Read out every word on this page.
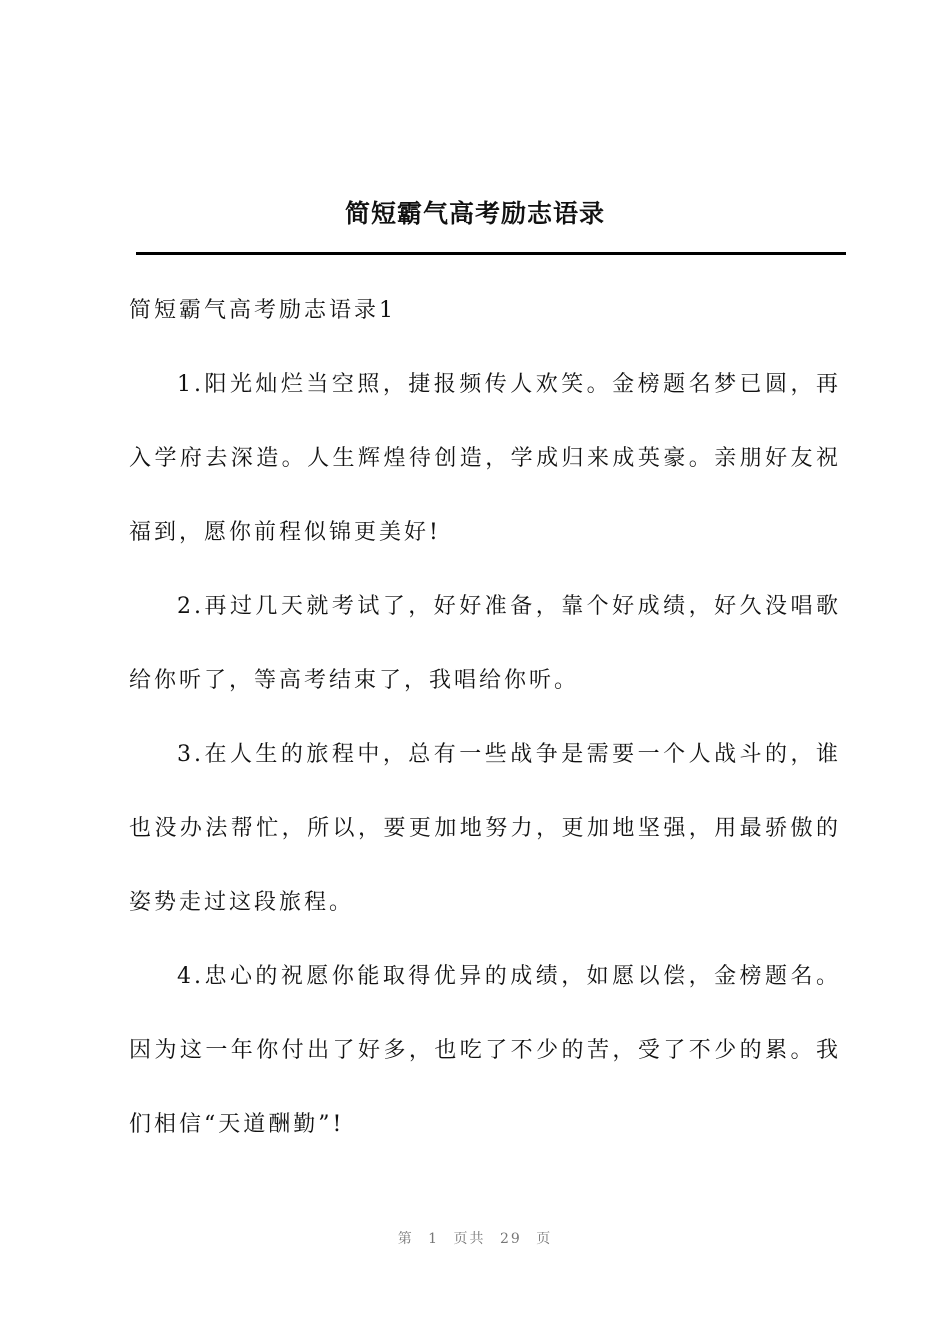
简短霸气高考励志语录

简短霸气高考励志语录1

1.阳光灿烂当空照，捷报频传人欢笑。金榜题名梦已圆，再入学府去深造。人生辉煌待创造，学成归来成英豪。亲朋好友祝福到，愿你前程似锦更美好!

2.再过几天就考试了，好好准备，靠个好成绩，好久没唱歌给你听了，等高考结束了，我唱给你听。

3.在人生的旅程中，总有一些战争是需要一个人战斗的，谁也没办法帮忙，所以，要更加地努力，更加地坚强，用最骄傲的姿势走过这段旅程。

4.忠心的祝愿你能取得优异的成绩，如愿以偿，金榜题名。因为这一年你付出了好多，也吃了不少的苦，受了不少的累。我们相信“天道酬勤”!

第 1 页共 29 页
